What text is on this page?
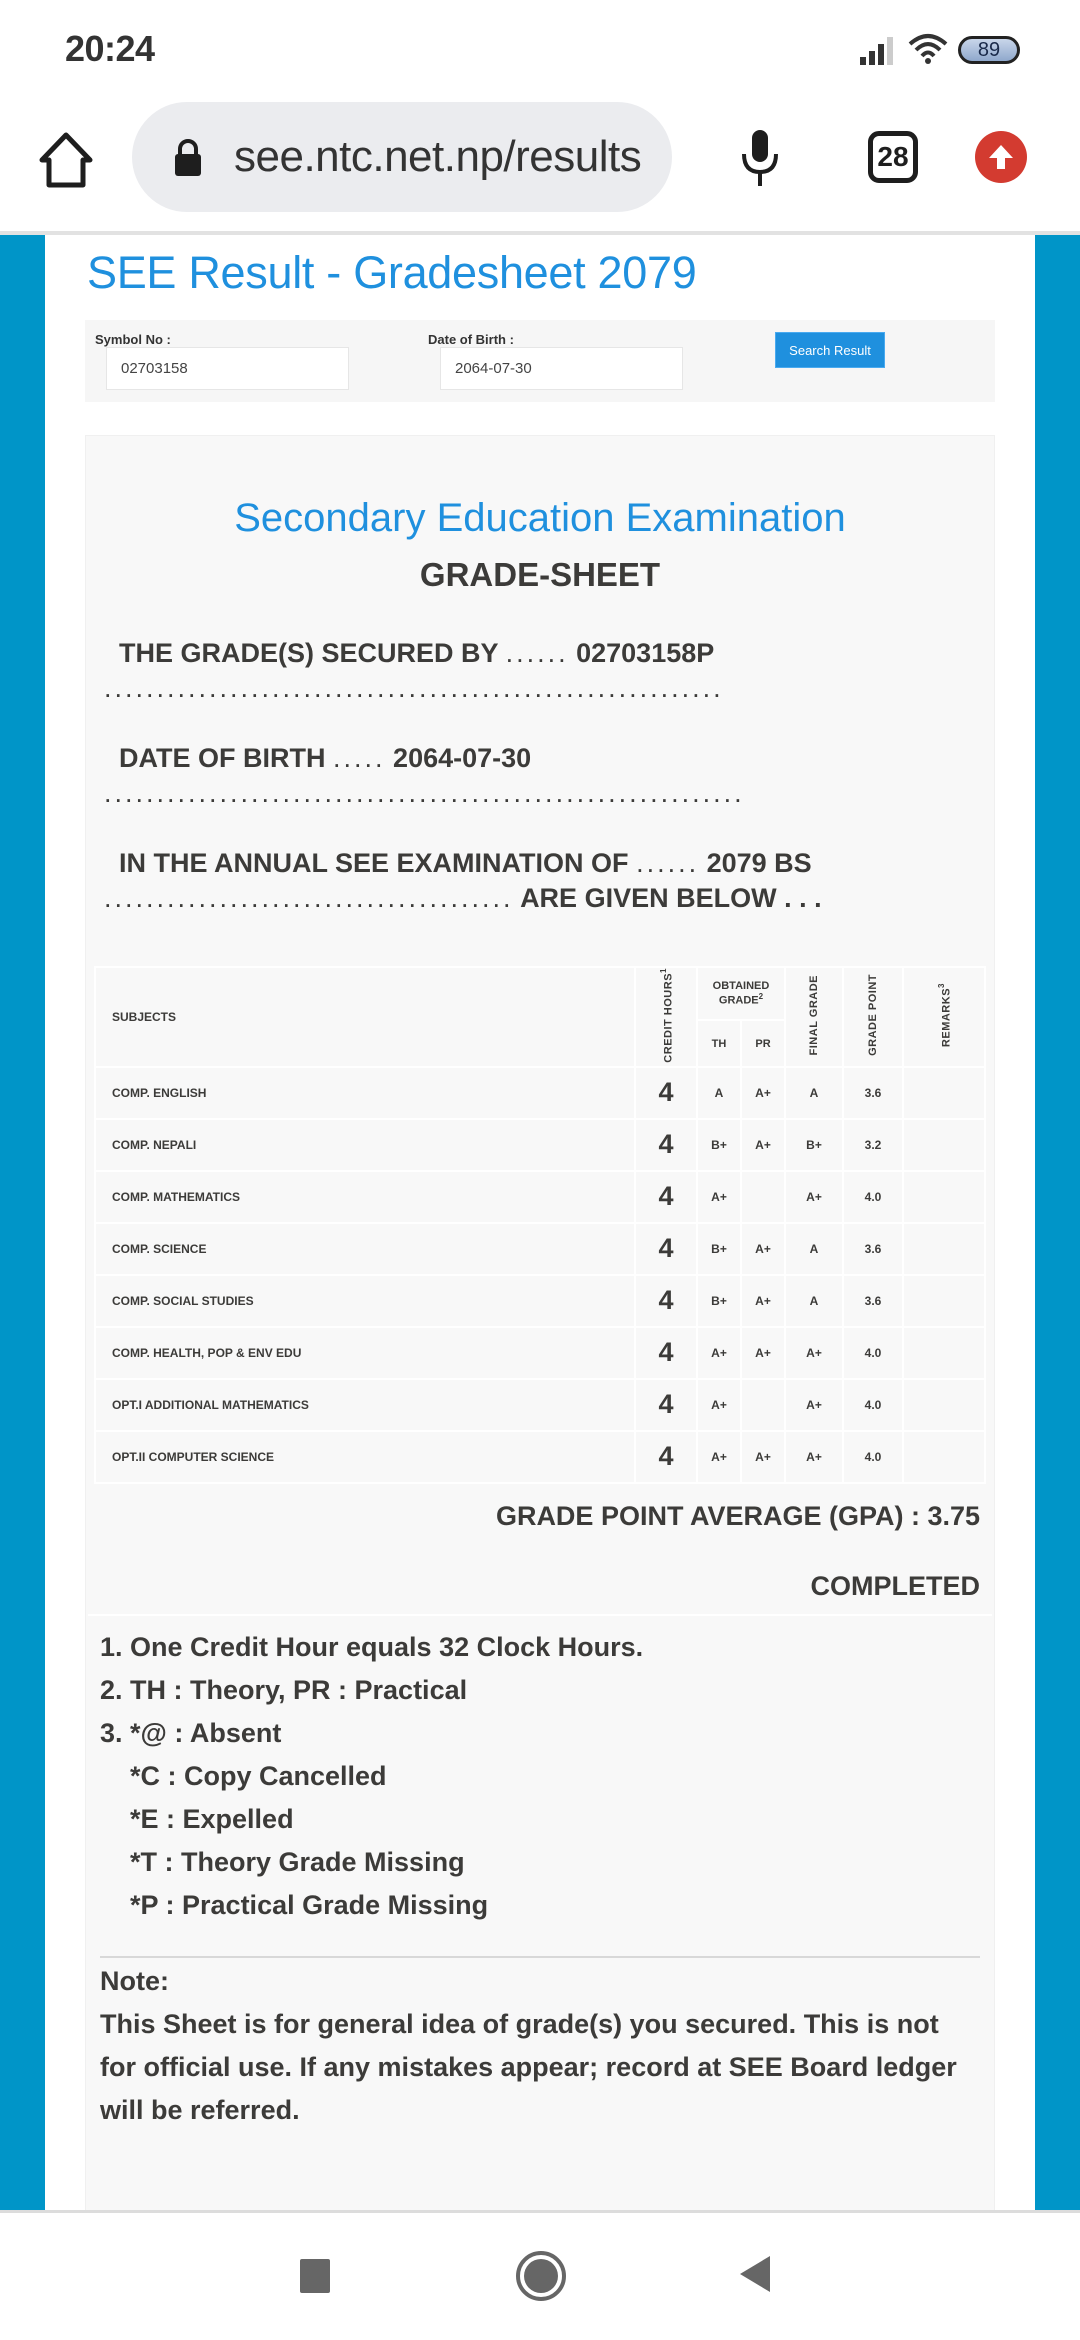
20:24	89
see.ntc.net.np/results	28
SEE Result - Gradesheet 2079
Symbol No :
02703158
Date of Birth :
2064-07-30
Search Result
Secondary Education Examination
GRADE-SHEET
THE GRADE(S) SECURED BY ...... 02703158P ...........................................................
DATE OF BIRTH ..... 2064-07-30 .............................................................
IN THE ANNUAL SEE EXAMINATION OF ...... 2079 BS ....................................... ARE GIVEN BELOW . . .
SUBJECTS	CREDIT HOURS$^1$	OBTAINED GRADE$^2$		FINAL GRADE	GRADE POINT	REMARKS$^3$
		TH	PR			
COMP. ENGLISH	4	A	A+	A	3.6	
COMP. NEPALI	4	B+	A+	B+	3.2	
COMP. MATHEMATICS	4	A+		A+	4.0	
COMP. SCIENCE	4	B+	A+	A	3.6	
COMP. SOCIAL STUDIES	4	B+	A+	A	3.6	
COMP. HEALTH, POP & ENV EDU	4	A+	A+	A+	4.0	
OPT.I ADDITIONAL MATHEMATICS	4	A+		A+	4.0	
OPT.II COMPUTER SCIENCE	4	A+	A+	A+	4.0	
GRADE POINT AVERAGE (GPA) : 3.75
COMPLETED
1. One Credit Hour equals 32 Clock Hours.
2. TH : Theory, PR : Practical
3. *@ : Absent
*C : Copy Cancelled
*E : Expelled
*T : Theory Grade Missing
*P : Practical Grade Missing
Note:
This Sheet is for general idea of grade(s) you secured. This is not for official use. If any mistakes appear; record at SEE Board ledger will be referred.
